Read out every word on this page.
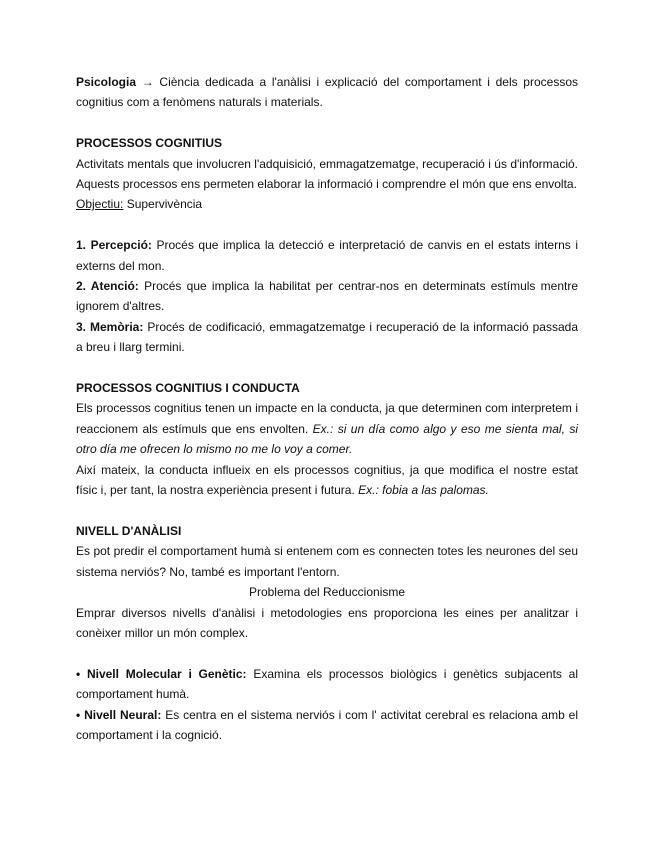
Psicologia → Ciència dedicada a l'anàlisi i explicació del comportament i dels processos cognitius com a fenòmens naturals i materials.

PROCESSOS COGNITIUS

Activitats mentals que involucren l'adquisició, emmagatzematge, recuperació i ús d'informació. Aquests processos ens permeten elaborar la informació i comprendre el món que ens envolta.

Objectiu: Supervivència

1. Percepció: Procés que implica la detecció e interpretació de canvis en el estats interns i externs del mon.

2. Atenció: Procés que implica la habilitat per centrar-nos en determinats estímuls mentre ignorem d'altres.

3. Memòria: Procés de codificació, emmagatzematge i recuperació de la informació passada a breu i llarg termini.

PROCESSOS COGNITIUS I CONDUCTA

Els processos cognitius tenen un impacte en la conducta, ja que determinen com interpretem i reaccionem als estímuls que ens envolten. Ex.: si un día como algo y eso me sienta mal, si otro día me ofrecen lo mismo no me lo voy a comer.

Així mateix, la conducta influeix en els processos cognitius, ja que modifica el nostre estat físic i, per tant, la nostra experiència present i futura. Ex.: fobia a las palomas.

NIVELL D'ANÀLISI

Es pot predir el comportament humà si entenem com es connecten totes les neurones del seu sistema nerviós? No, també es important l'entorn.

Problema del Reduccionisme

Emprar diversos nivells d'anàlisi i metodologies ens proporciona les eines per analitzar i conèixer millor un món complex.

• Nivell Molecular i Genètic: Examina els processos biològics i genètics subjacents al comportament humà.

• Nivell Neural: Es centra en el sistema nerviós i com l' activitat cerebral es relaciona amb el comportament i la cognició.
